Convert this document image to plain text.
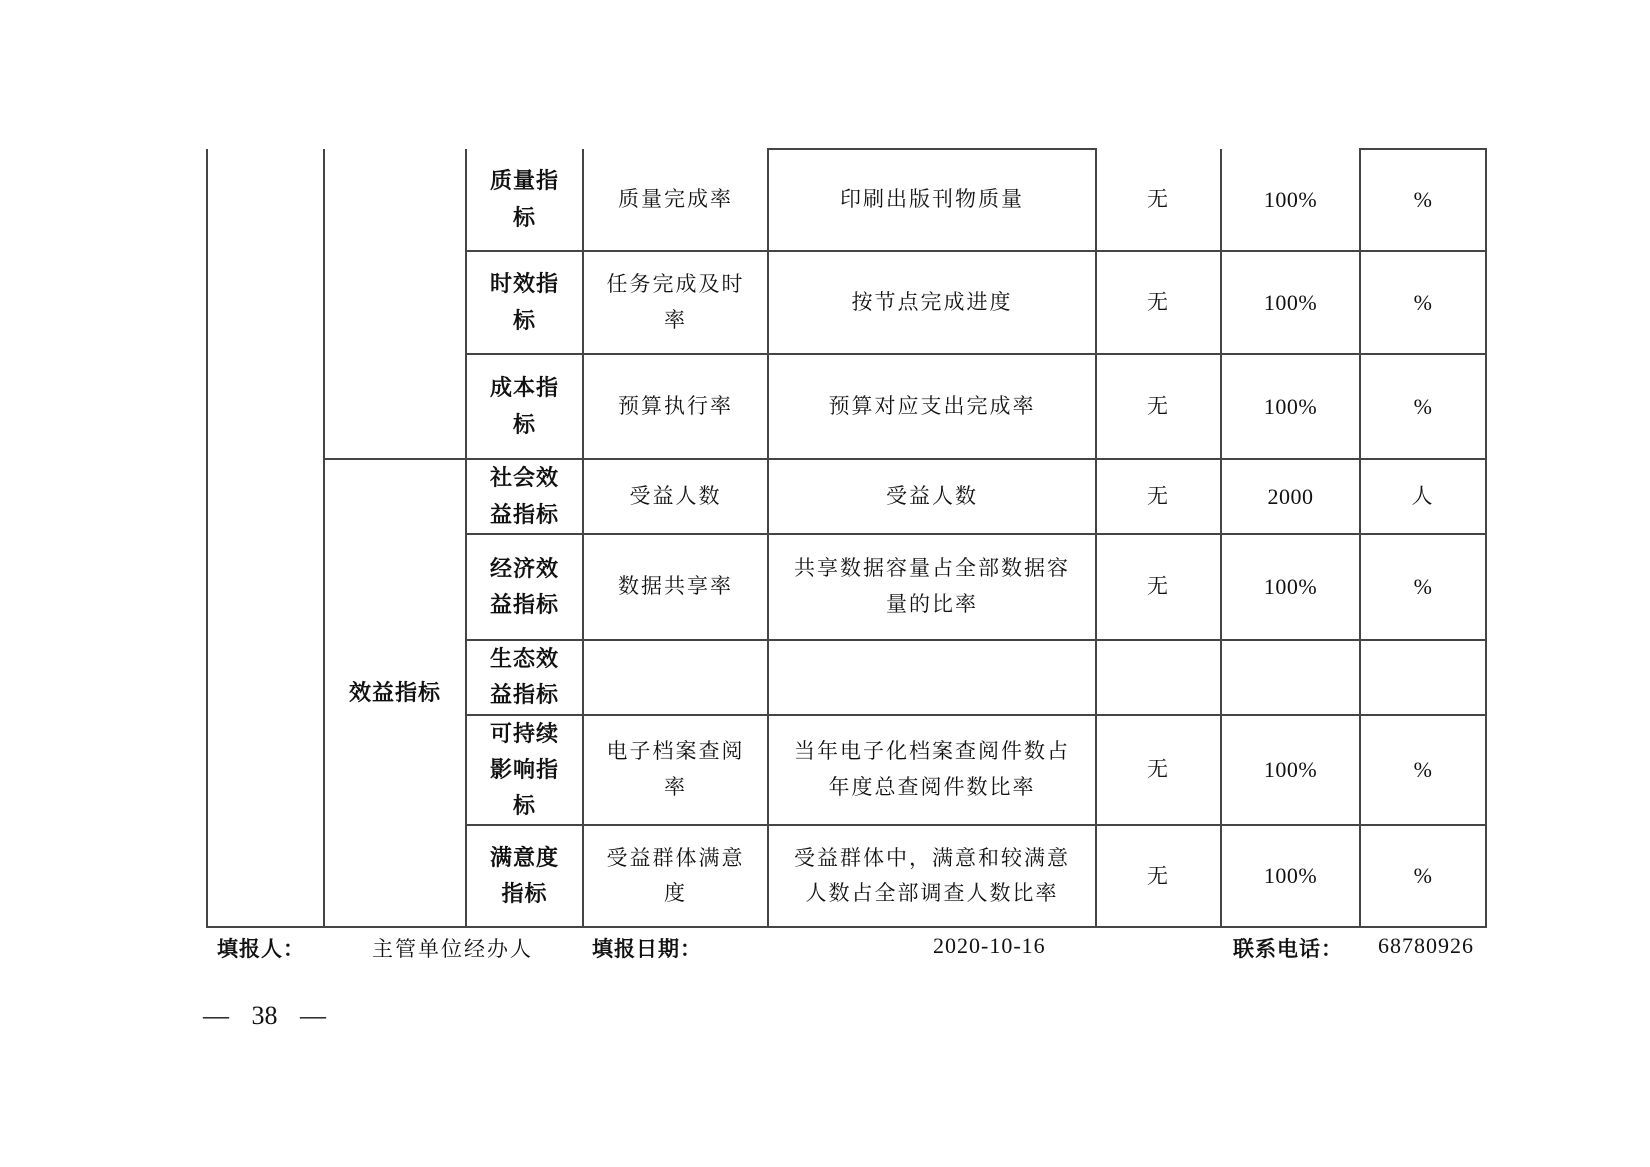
		质量指标	质量完成率	印刷出版刊物质量	无	100%	%
		时效指标	任务完成及时率	按节点完成进度	无	100%	%
		成本指标	预算执行率	预算对应支出完成率	无	100%	%
	效益指标	社会效益指标	受益人数	受益人数	无	2000	人
		经济效益指标	数据共享率	共享数据容量占全部数据容量的比率	无	100%	%
		生态效益指标					
		可持续影响指标	电子档案查阅率	当年电子化档案查阅件数占年度总查阅件数比率	无	100%	%
		满意度指标	受益群体满意度	受益群体中，满意和较满意人数占全部调查人数比率	无	100%	%
填报人：	主管单位经办人	填报日期：	2020-10-16	联系电话： 68780926
— 38 —
